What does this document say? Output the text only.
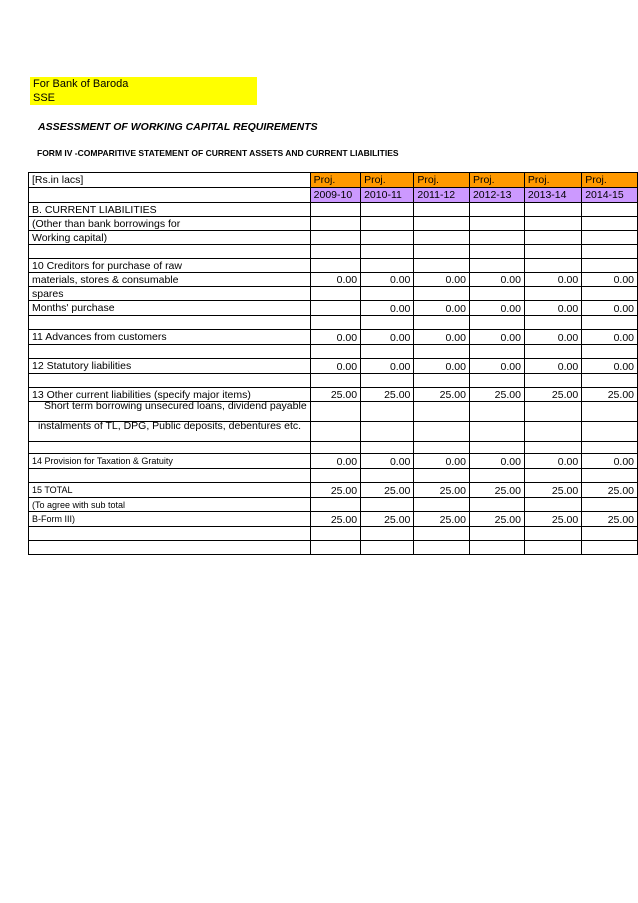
For Bank of Baroda
SSE
ASSESSMENT OF WORKING CAPITAL REQUIREMENTS
FORM IV -COMPARITIVE STATEMENT OF CURRENT ASSETS AND CURRENT LIABILITIES
[Rs.in lacs]	Proj.	Proj.	Proj.	Proj.	Proj.	Proj.
	2009-10	2010-11	2011-12	2012-13	2013-14	2014-15
B. CURRENT LIABILITIES						
(Other than bank borrowings for						
Working capital)						

10 Creditors for purchase of raw						
materials, stores & consumable	0.00	0.00	0.00	0.00	0.00	0.00
spares						
Months' purchase		0.00	0.00	0.00	0.00	0.00

11 Advances from customers	0.00	0.00	0.00	0.00	0.00	0.00

12 Statutory liabilities	0.00	0.00	0.00	0.00	0.00	0.00

13 Other current liabilities (specify major items)	25.00	25.00	25.00	25.00	25.00	25.00
Short term borrowing unsecured loans, dividend payable						
instalments of TL, DPG, Public deposits, debentures etc.						

14 Provision for Taxation & Gratuity	0.00	0.00	0.00	0.00	0.00	0.00

15 TOTAL	25.00	25.00	25.00	25.00	25.00	25.00
(To agree with sub total						
B-Form III)	25.00	25.00	25.00	25.00	25.00	25.00
